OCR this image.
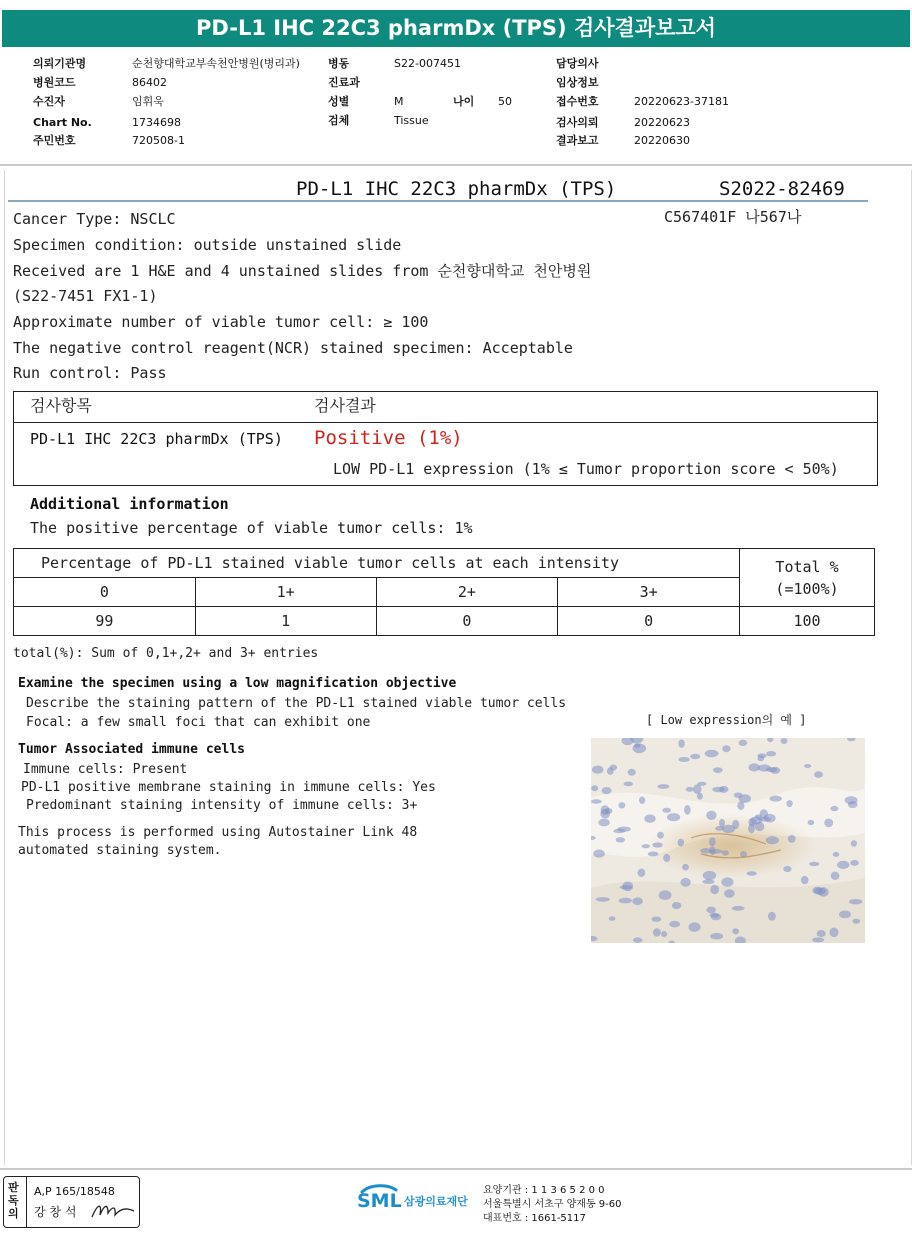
PD-L1 IHC 22C3 pharmDx (TPS) 검사결과보고서
의뢰기관명	순천향대학교부속천안병원(병리과)
병원코드	86402
수진자	임휘욱
Chart No.	1734698
주민번호	720508-1
병동	S22-007451
진료과
성별	M	나이 50
검체	Tissue
담당의사
임상정보
접수번호	20220623-37181
검사의뢰	20220623
결과보고	20220630
PD-L1 IHC 22C3 pharmDx (TPS)	S2022-82469
Cancer Type: NSCLC	C567401F 나567나
Specimen condition: outside unstained slide
Received are 1 H&E and 4 unstained slides from 순천향대학교 천안병원
(S22-7451 FX1-1)
Approximate number of viable tumor cell: ≥ 100
The negative control reagent(NCR) stained specimen: Acceptable
Run control: Pass
검사항목	검사결과
PD-L1 IHC 22C3 pharmDx (TPS) Positive (1%)
LOW PD-L1 expression (1% ≤ Tumor proportion score < 50%)
Additional information
The positive percentage of viable tumor cells: 1%
Percentage of PD-L1 stained viable tumor cells at each intensity				Total %
(=100%)

0	1+	2+	3+	
99	1	0	0	100
total(%): Sum of 0,1+,2+ and 3+ entries
Examine the specimen using a low magnification objective
Describe the staining pattern of the PD-L1 stained viable tumor cells
Focal: a few small foci that can exhibit one	[ Low expression의 예 ]
Tumor Associated immune cells
Immune cells: Present
PD-L1 positive membrane staining in immune cells: Yes
Predominant staining intensity of immune cells: 3+
This process is performed using Autostainer Link 48
automated staining system.
판독의
A,P 165/18548
강 창 석	SML 삼광의료재단
요양기관 : 1 1 3 6 5 2 0 0
서울특별시 서초구 양재동 9-60
대표번호 : 1661-5117
